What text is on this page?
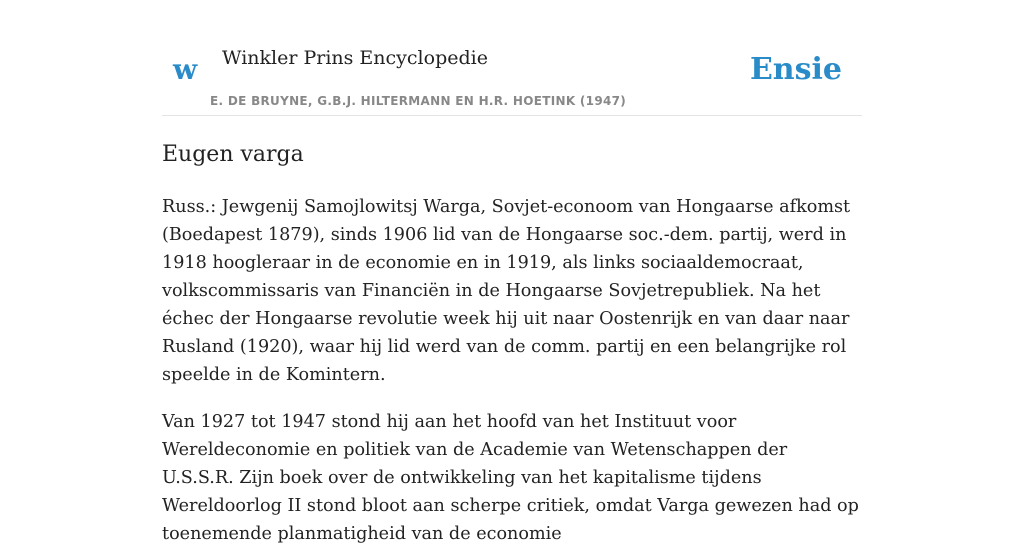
w Winkler Prins Encyclopedie
E. DE BRUYNE, G.B.J. HILTERMANN EN H.R. HOETINK (1947)
Ensie
Eugen varga

Russ.: Jewgenij Samojlowitsj Warga, Sovjet-econoom van Hongaarse afkomst (Boedapest 1879), sinds 1906 lid van de Hongaarse soc.-dem. partij, werd in 1918 hoogleraar in de economie en in 1919, als links sociaaldemocraat, volkscommissaris van Financiën in de Hongaarse Sovjetrepubliek. Na het échec der Hongaarse revolutie week hij uit naar Oostenrijk en van daar naar Rusland (1920), waar hij lid werd van de comm. partij en een belangrijke rol speelde in de Komintern.

Van 1927 tot 1947 stond hij aan het hoofd van het Instituut voor Wereldeconomie en politiek van de Academie van Wetenschappen der U.S.S.R. Zijn boek over de ontwikkeling van het kapitalisme tijdens Wereldoorlog II stond bloot aan scherpe critiek, omdat Varga gewezen had op toenemende planmatigheid van de economie
